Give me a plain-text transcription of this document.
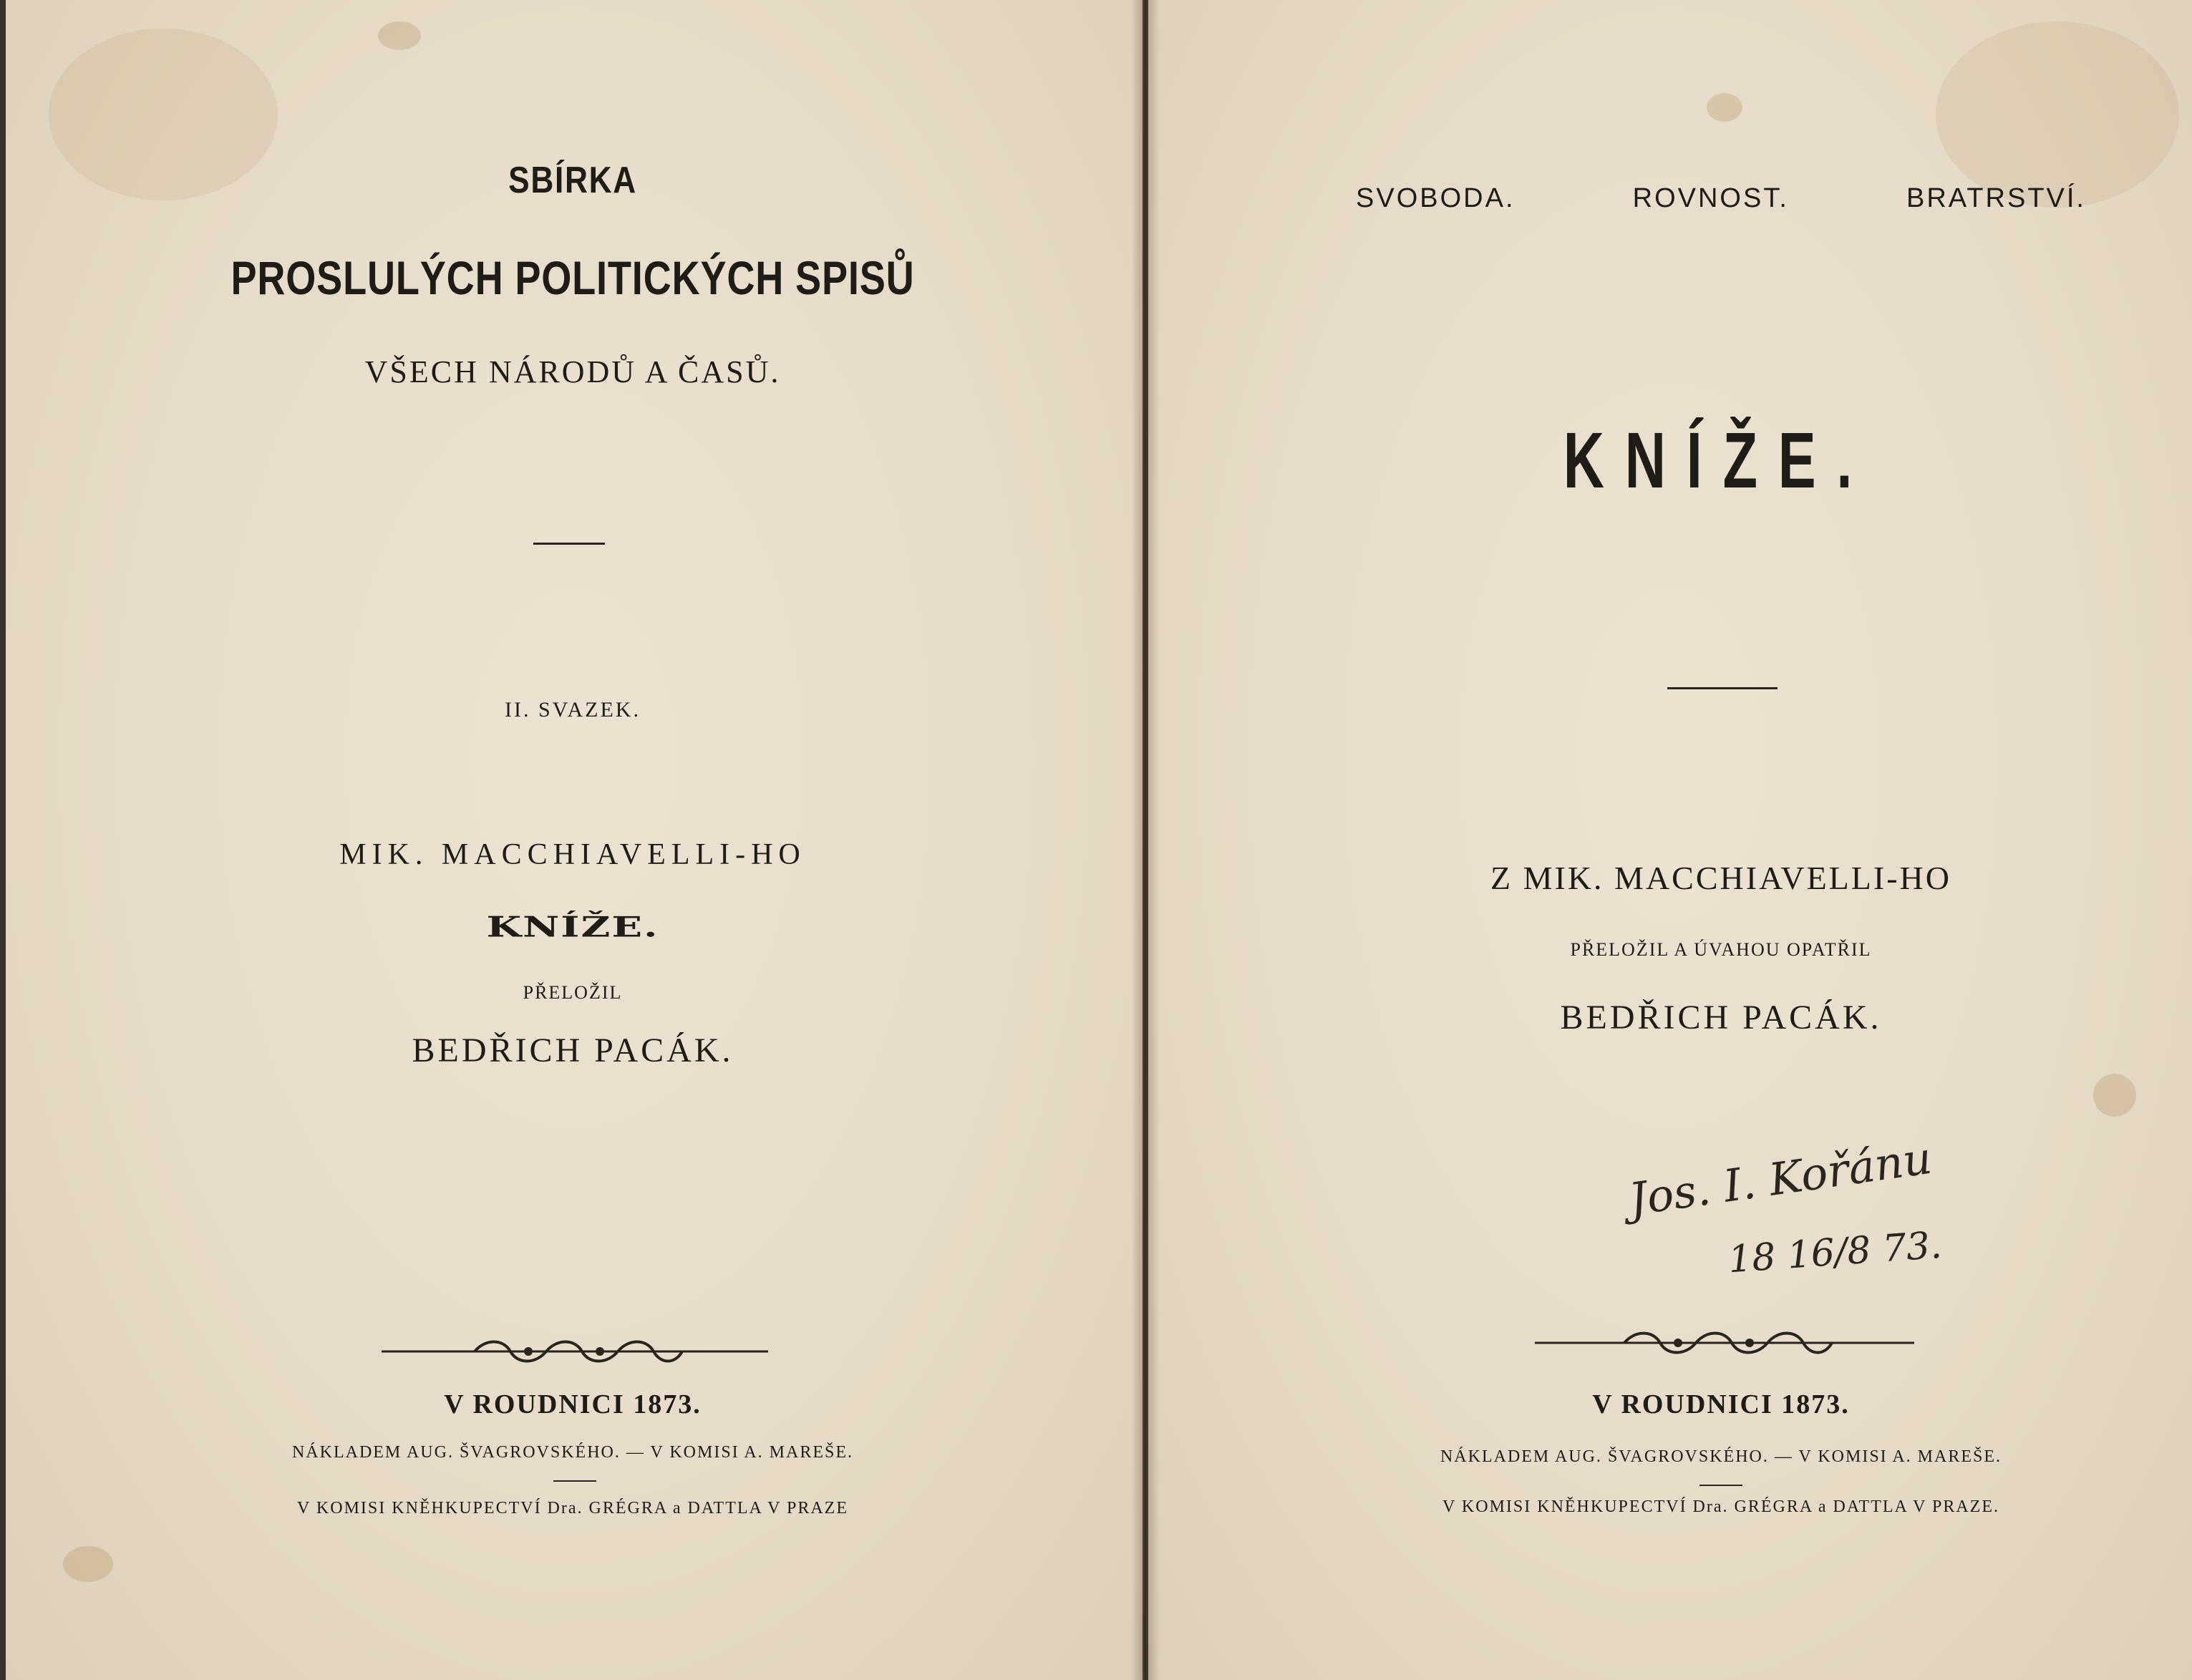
SBÍRKA
PROSLULÝCH POLITICKÝCH SPISŮ
VŠECH NÁRODŮ A ČASŮ.
II. SVAZEK.
MIK. MACCHIAVELLI-HO
KNÍŽE.
PŘELOŽIL
BEDŘICH PACÁK.
V ROUDNICI 1873.
NÁKLADEM AUG. ŠVAGROVSKÉHO. — V KOMISI A. MAREŠE.
V KOMISI KNĚHKUPECTVÍ Dra. GRÉGRA a DATTLA V PRAZE
SVOBODA.	ROVNOST.	BRATRSTVÍ.
KNÍŽE.
Z MIK. MACCHIAVELLI-HO
PŘELOŽIL A ÚVAHOU OPATŘIL
BEDŘICH PACÁK.
Jos. I. Kořánu
18 16/8 73.
V ROUDNICI 1873.
NÁKLADEM AUG. ŠVAGROVSKÉHO. — V KOMISI A. MAREŠE.
V KOMISI KNĚHKUPECTVÍ Dra. GRÉGRA a DATTLA V PRAZE.
